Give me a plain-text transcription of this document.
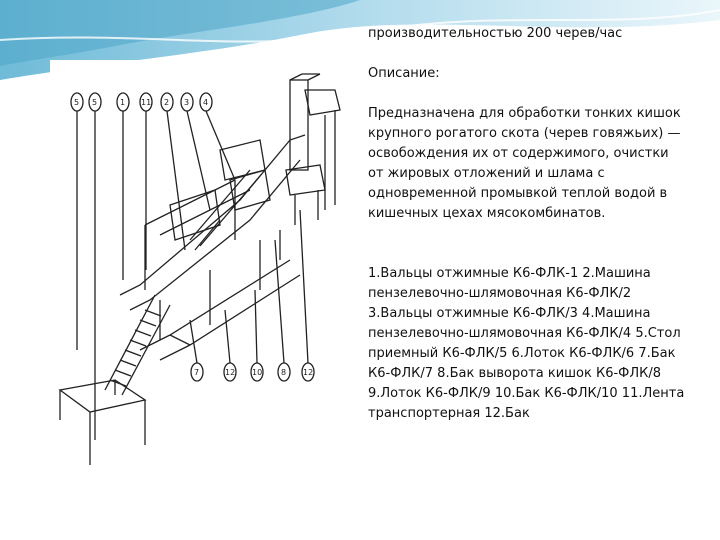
5 5	1 11 2 3 4
7	12 10 8 12

производительностью 200 черев/час

Описание:

Предназначена для обработки тонких кишок крупного рогатого скота (черев говяжьих) — освобождения их от содержимого, очистки от жировых отложений и шлама с одновременной промывкой теплой водой в кишечных цехах мясокомбинатов.

1.Вальцы отжимные К6-ФЛК-1 2.Машина пензелевочно-шлямовочная К6-ФЛК/2 3.Вальцы отжимные К6-ФЛК/3 4.Машина пензелевочно-шлямовочная К6-ФЛК/4 5.Стол приемный К6-ФЛК/5 6.Лоток К6-ФЛК/6 7.Бак К6-ФЛК/7 8.Бак выворота кишок К6-ФЛК/8 9.Лоток К6-ФЛК/9 10.Бак К6-ФЛК/10 11.Лента транспортерная 12.Бак
